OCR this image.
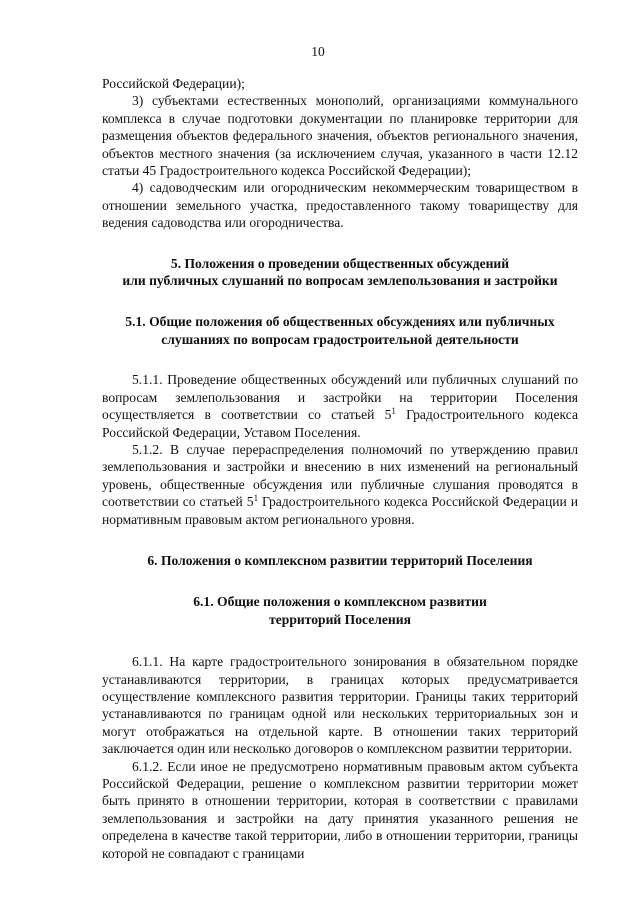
10

Российской Федерации);

3) субъектами естественных монополий, организациями коммунального комплекса в случае подготовки документации по планировке территории для размещения объектов федерального значения, объектов регионального значения, объектов местного значения (за исключением случая, указанного в части 12.12 статьи 45 Градостроительного кодекса Российской Федерации);

4) садоводческим или огородническим некоммерческим товариществом в отношении земельного участка, предоставленного такому товариществу для ведения садоводства или огородничества.

5. Положения о проведении общественных обсуждений
или публичных слушаний по вопросам землепользования и застройки
5.1. Общие положения об общественных обсуждениях или публичных
слушаниях по вопросам градостроительной деятельности

5.1.1. Проведение общественных обсуждений или публичных слушаний по вопросам землепользования и застройки на территории Поселения осуществляется в соответствии со статьей $5^1$ Градостроительного кодекса Российской Федерации, Уставом Поселения.

5.1.2. В случае перераспределения полномочий по утверждению правил землепользования и застройки и внесению в них изменений на региональный уровень, общественные обсуждения или публичные слушания проводятся в соответствии со статьей $5^1$ Градостроительного кодекса Российской Федерации и нормативным правовым актом регионального уровня.

6. Положения о комплексном развитии территорий Поселения
6.1. Общие положения о комплексном развитии
территорий Поселения

6.1.1. На карте градостроительного зонирования в обязательном порядке устанавливаются территории, в границах которых предусматривается осуществление комплексного развития территории. Границы таких территорий устанавливаются по границам одной или нескольких территориальных зон и могут отображаться на отдельной карте. В отношении таких территорий заключается один или несколько договоров о комплексном развитии территории.

6.1.2. Если иное не предусмотрено нормативным правовым актом субъекта Российской Федерации, решение о комплексном развитии территории может быть принято в отношении территории, которая в соответствии с правилами землепользования и застройки на дату принятия указанного решения не определена в качестве такой территории, либо в отношении территории, границы которой не совпадают с границами
